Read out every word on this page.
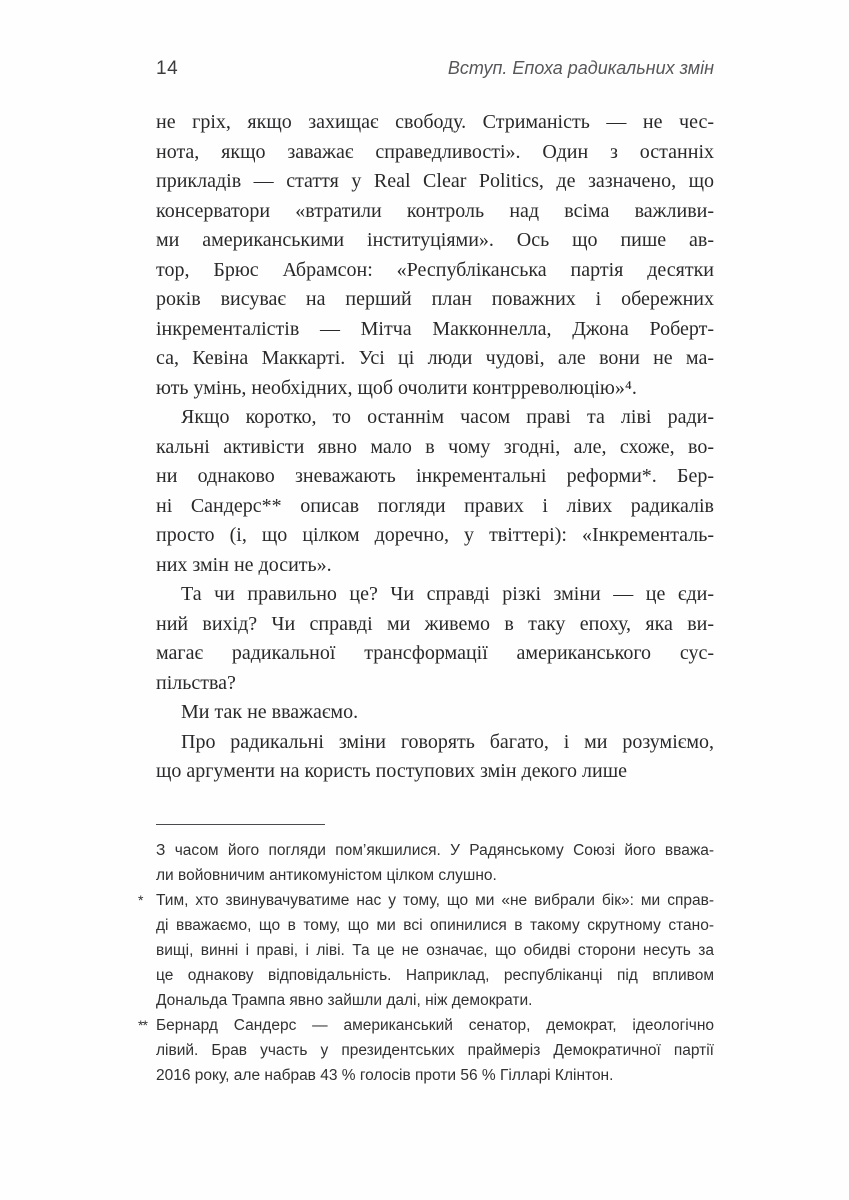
14	Вступ. Епоха радикальних змін
не гріх, якщо захищає свободу. Стриманість — не чес-
нота, якщо заважає справедливості». Один з останніх
прикладів — стаття у Real Clear Politics, де зазначено, що
консерватори «втратили контроль над всіма важливи-
ми американськими інституціями». Ось що пише ав-
тор, Брюс Абрамсон: «Республіканська партія десятки
років висуває на перший план поважних і обережних
інкременталістів — Мітча Макконнелла, Джона Роберт-
са, Кевіна Маккарті. Усі ці люди чудові, але вони не ма-
ють умінь, необхідних, щоб очолити контрреволюцію»⁴.
Якщо коротко, то останнім часом праві та ліві ради-
кальні активісти явно мало в чому згодні, але, схоже, во-
ни однаково зневажають інкрементальні реформи*. Бер-
ні Сандерс** описав погляди правих і лівих радикалів
просто (і, що цілком доречно, у твіттері): «Інкременталь-
них змін не досить».
Та чи правильно це? Чи справді різкі зміни — це єди-
ний вихід? Чи справді ми живемо в таку епоху, яка ви-
магає радикальної трансформації американського сус-
пільства?
Ми так не вважаємо.
Про радикальні зміни говорять багато, і ми розуміємо,
що аргументи на користь поступових змін декого лише
З часом його погляди пом’якшилися. У Радянському Союзі його вважа-
ли войовничим антикомуністом цілком слушно.
* Тим, хто звинувачуватиме нас у тому, що ми «не вибрали бік»: ми справ-
ді вважаємо, що в тому, що ми всі опинилися в такому скрутному стано-
вищі, винні і праві, і ліві. Та це не означає, що обидві сторони несуть за
це однакову відповідальність. Наприклад, республіканці під впливом
Дональда Трампа явно зайшли далі, ніж демократи.
** Бернард Сандерс — американський сенатор, демократ, ідеологічно
лівий. Брав участь у президентських праймеріз Демократичної партії
2016 року, але набрав 43 % голосів проти 56 % Гілларі Клінтон.
